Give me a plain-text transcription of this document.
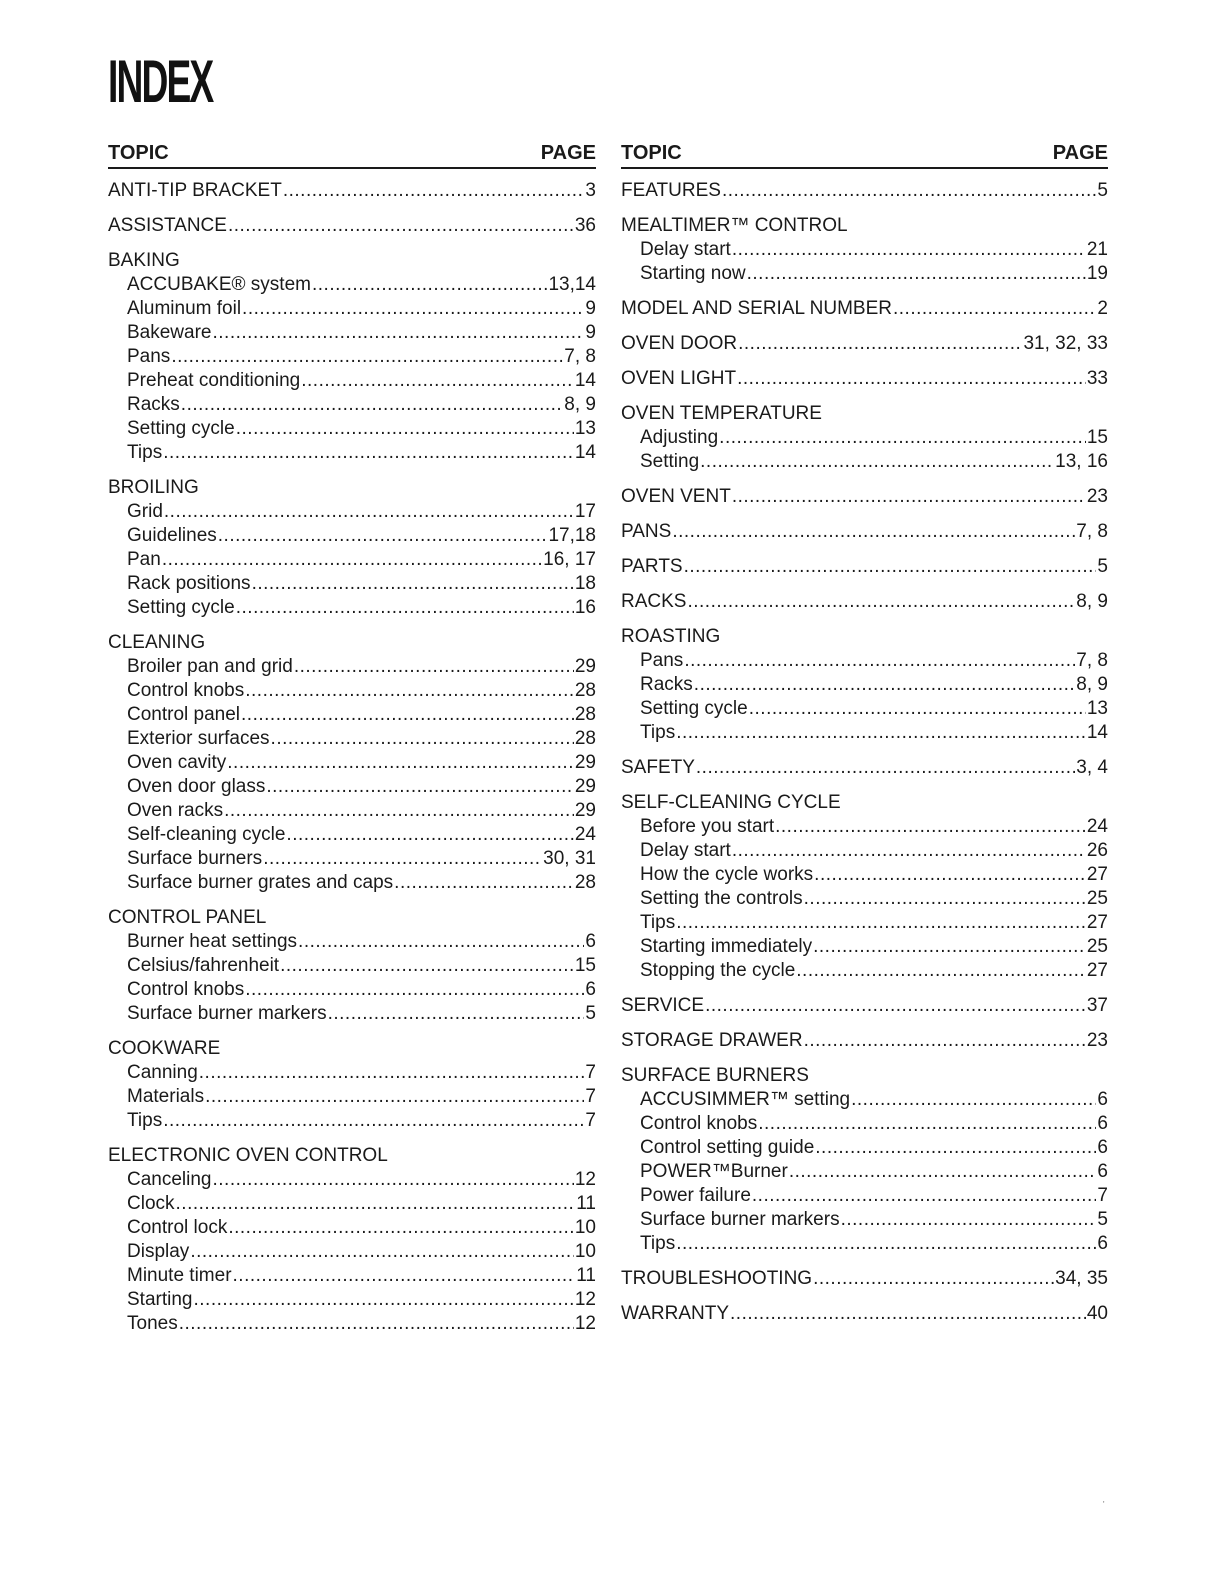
INDEX
TOPIC	PAGE
ANTI-TIP BRACKET .....	3
ASSISTANCE .....	36
BAKING
ACCUBAKE® system .....	13,14
Aluminum foil .....	9
Bakeware .....	9
Pans .....	7, 8
Preheat conditioning .....	14
Racks .....	8, 9
Setting cycle .....	13
Tips .....	14
BROILING
Grid .....	17
Guidelines .....	17,18
Pan .....	16, 17
Rack positions .....	18
Setting cycle .....	16
CLEANING
Broiler pan and grid .....	29
Control knobs .....	28
Control panel .....	28
Exterior surfaces .....	28
Oven cavity .....	29
Oven door glass .....	29
Oven racks .....	29
Self-cleaning cycle .....	24
Surface burners .....	30, 31
Surface burner grates and caps .....	28
CONTROL PANEL
Burner heat settings .....	6
Celsius/fahrenheit .....	15
Control knobs .....	6
Surface burner markers .....	5
COOKWARE
Canning .....	7
Materials .....	7
Tips .....	7
ELECTRONIC OVEN CONTROL
Canceling .....	12
Clock .....	11
Control lock .....	10
Display .....	10
Minute timer .....	11
Starting .....	12
Tones .....	12
TOPIC	PAGE
FEATURES .....	5
MEALTIMER™ CONTROL
Delay start .....	21
Starting now .....	19
MODEL AND SERIAL NUMBER .....	2
OVEN DOOR .....	31, 32, 33
OVEN LIGHT .....	33
OVEN TEMPERATURE
Adjusting .....	15
Setting .....	13, 16
OVEN VENT .....	23
PANS .....	7, 8
PARTS .....	5
RACKS .....	8, 9
ROASTING
Pans .....	7, 8
Racks .....	8, 9
Setting cycle .....	13
Tips .....	14
SAFETY .....	3, 4
SELF-CLEANING CYCLE
Before you start .....	24
Delay start .....	26
How the cycle works .....	27
Setting the controls .....	25
Tips .....	27
Starting immediately .....	25
Stopping the cycle .....	27
SERVICE .....	37
STORAGE DRAWER .....	23
SURFACE BURNERS
ACCUSIMMER™ setting .....	6
Control knobs .....	6
Control setting guide .....	6
POWER™Burner .....	6
Power failure .....	7
Surface burner markers .....	5
Tips .....	6
TROUBLESHOOTING .....	34, 35
WARRANTY .....	40
'
